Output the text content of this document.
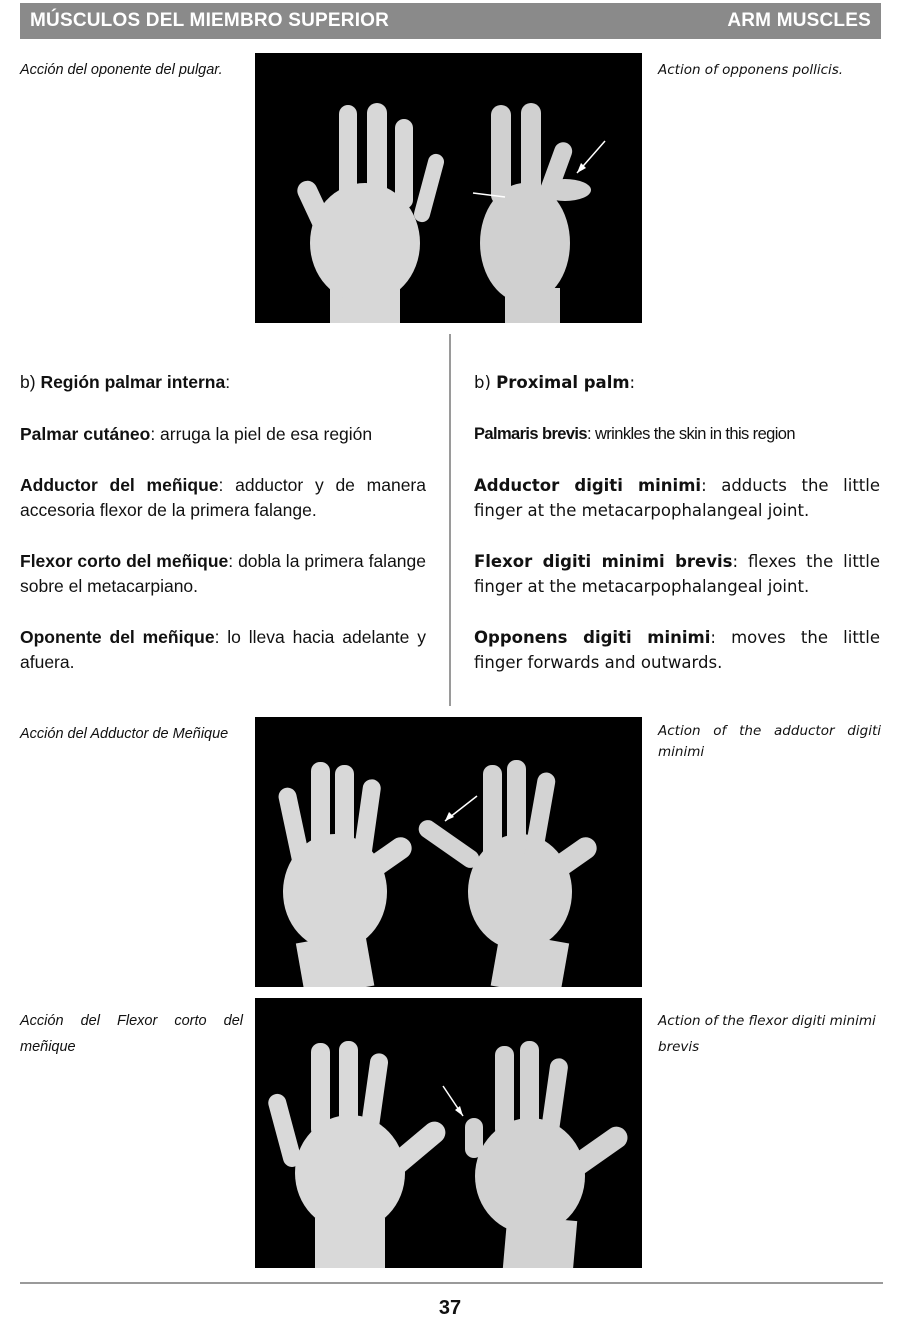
MÚSCULOS DEL MIEMBRO SUPERIOR	ARM MUSCLES
Acción del oponente del pulgar.	Action of opponens pollicis.

b) Región palmar interna:

Palmar cutáneo: arruga la piel de esa región

Adductor del meñique: adductor y de manera accesoria flexor de la primera falange.

Flexor corto del meñique: dobla la primera falange sobre el metacarpiano.

Oponente del meñique: lo lleva hacia adelante y afuera.

b) Proximal palm:

Palmaris brevis: wrinkles the skin in this region

Adductor digiti minimi: adducts the little finger at the metacarpophalangeal joint.

Flexor digiti minimi brevis: flexes the little finger at the metacarpophalangeal joint.

Opponens digiti minimi: moves the little finger forwards and outwards.

Acción del Adductor de Meñique	Action of the adductor digiti minimi
Acción del Flexor corto del meñique
Action of the flexor digiti minimi brevis
37
